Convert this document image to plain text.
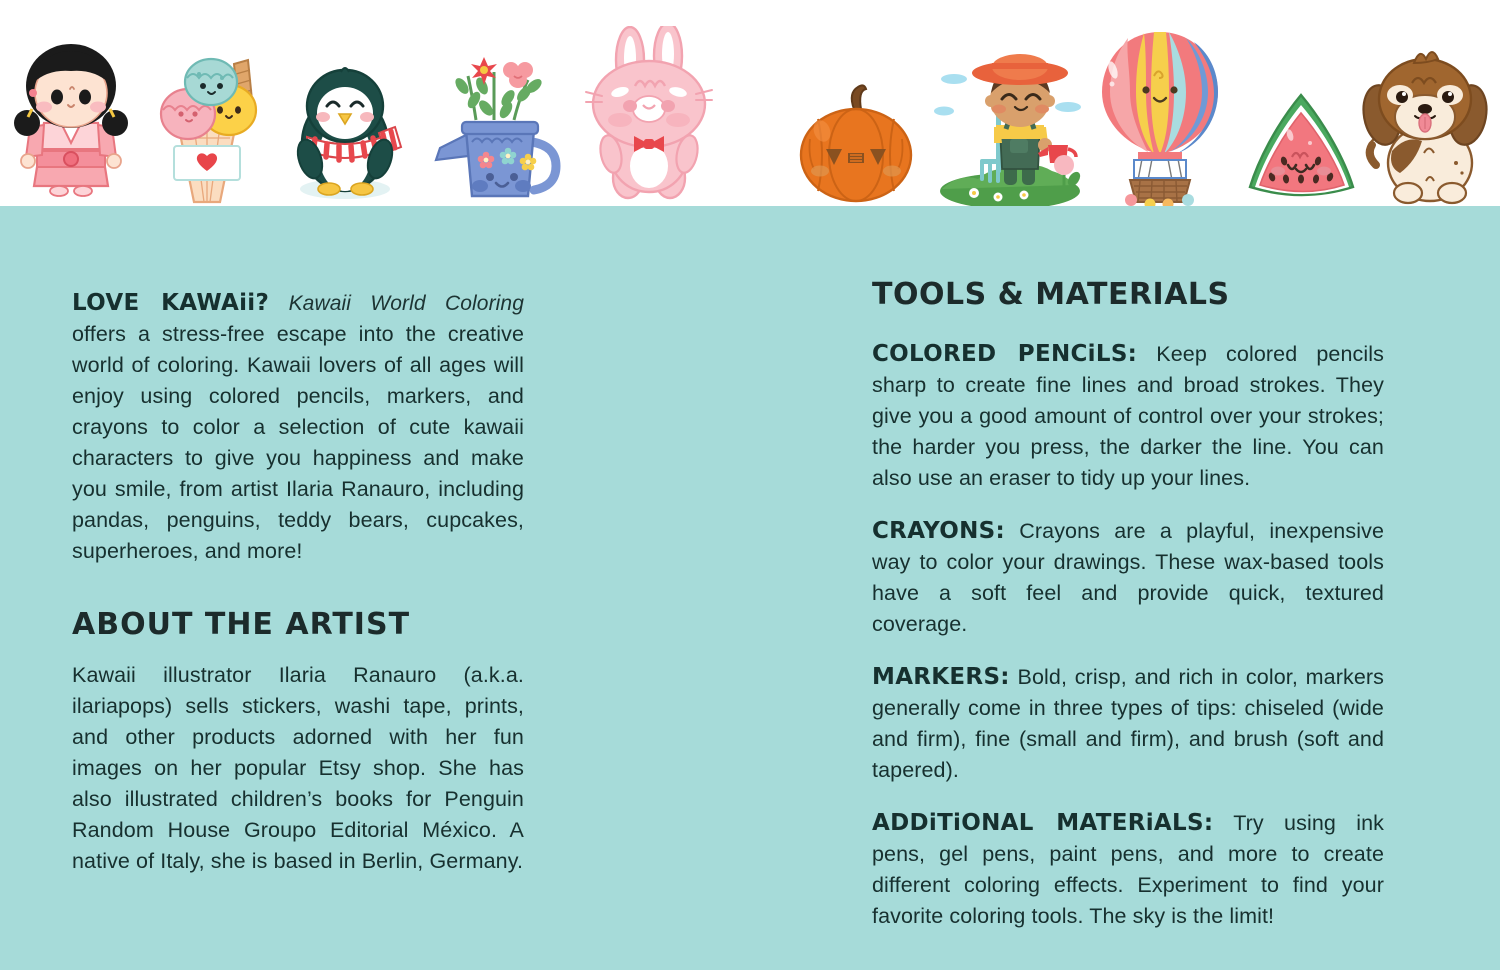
LOVE KAWAii? Kawaii World Coloring offers a stress-free escape into the creative world of coloring. Kawaii lovers of all ages will enjoy using colored pencils, markers, and crayons to color a selection of cute kawaii characters to give you happiness and make you smile, from artist Ilaria Ranauro, including pandas, penguins, teddy bears, cupcakes, superheroes, and more!

ABOUT THE ARTIST

Kawaii illustrator Ilaria Ranauro (a.k.a. ilariapops) sells stickers, washi tape, prints, and other products adorned with her fun images on her popular Etsy shop. She has also illustrated children’s books for Penguin Random House Groupo Editorial México. A native of Italy, she is based in Berlin, Germany.

TOOLS & MATERIALS

COLORED PENCiLS: Keep colored pencils sharp to create fine lines and broad strokes. They give you a good amount of control over your strokes; the harder you press, the darker the line. You can also use an eraser to tidy up your lines.

CRAYONS: Crayons are a playful, inexpensive way to color your drawings. These wax-based tools have a soft feel and provide quick, textured coverage.

MARKERS: Bold, crisp, and rich in color, markers generally come in three types of tips: chiseled (wide and firm), fine (small and firm), and brush (soft and tapered).

ADDiTiONAL MATERiALS: Try using ink pens, gel pens, paint pens, and more to create different coloring effects. Experiment to find your favorite coloring tools. The sky is the limit!
